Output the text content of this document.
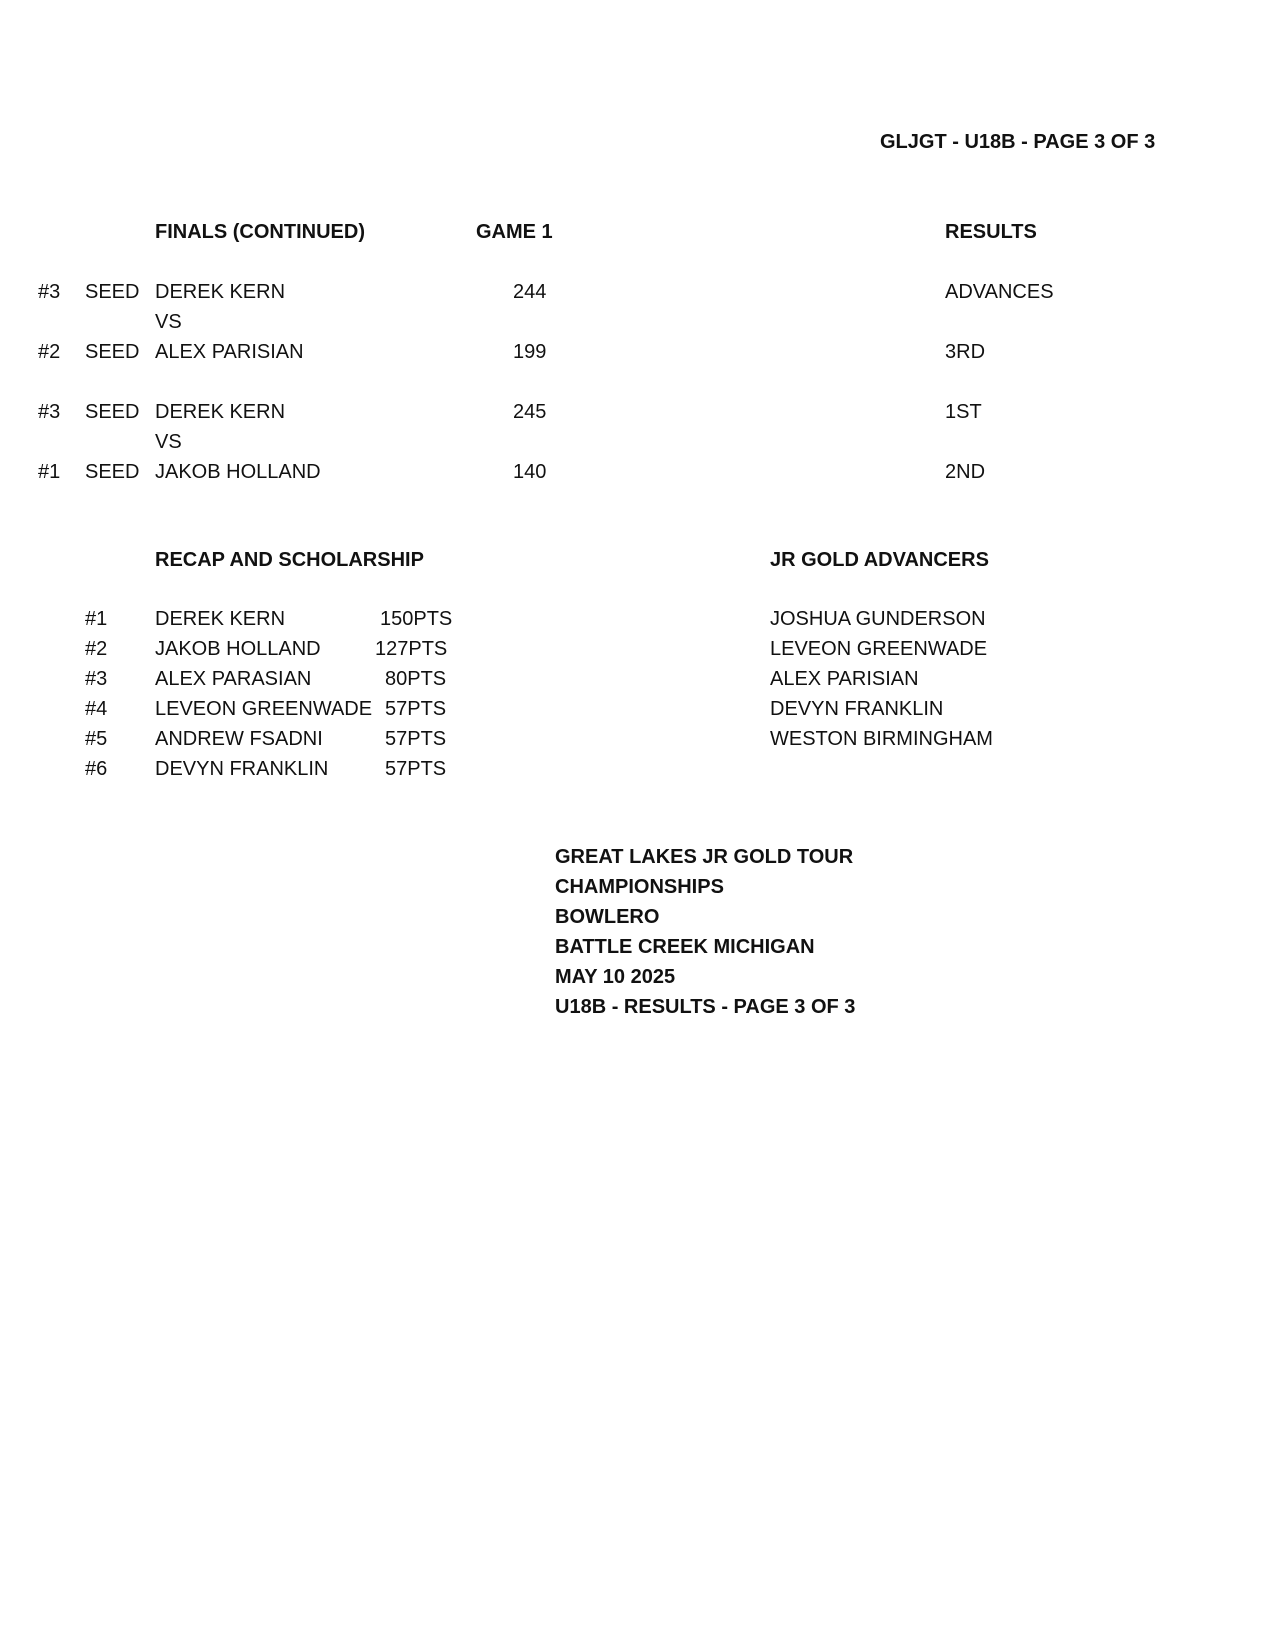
GLJGT - U18B - PAGE 3 OF 3
FINALS (CONTINUED)	GAME 1	RESULTS
#3 SEED DEREK KERN	244	ADVANCES
VS
#2 SEED ALEX PARISIAN	199	3RD
#3 SEED DEREK KERN	245	1ST
VS
#1 SEED JAKOB HOLLAND	140	2ND
RECAP AND SCHOLARSHIP
#1 DEREK KERN	150PTS
#2 JAKOB HOLLAND	127PTS
#3 ALEX PARASIAN	80PTS
#4 LEVEON GREENWADE 57PTS
#5 ANDREW FSADNI	57PTS
#6 DEVYN FRANKLIN	57PTS
JR GOLD ADVANCERS
JOSHUA GUNDERSON
LEVEON GREENWADE
ALEX PARISIAN
DEVYN FRANKLIN
WESTON BIRMINGHAM
GREAT LAKES JR GOLD TOUR
CHAMPIONSHIPS
BOWLERO
BATTLE CREEK MICHIGAN
MAY 10 2025
U18B - RESULTS - PAGE 3 OF 3
